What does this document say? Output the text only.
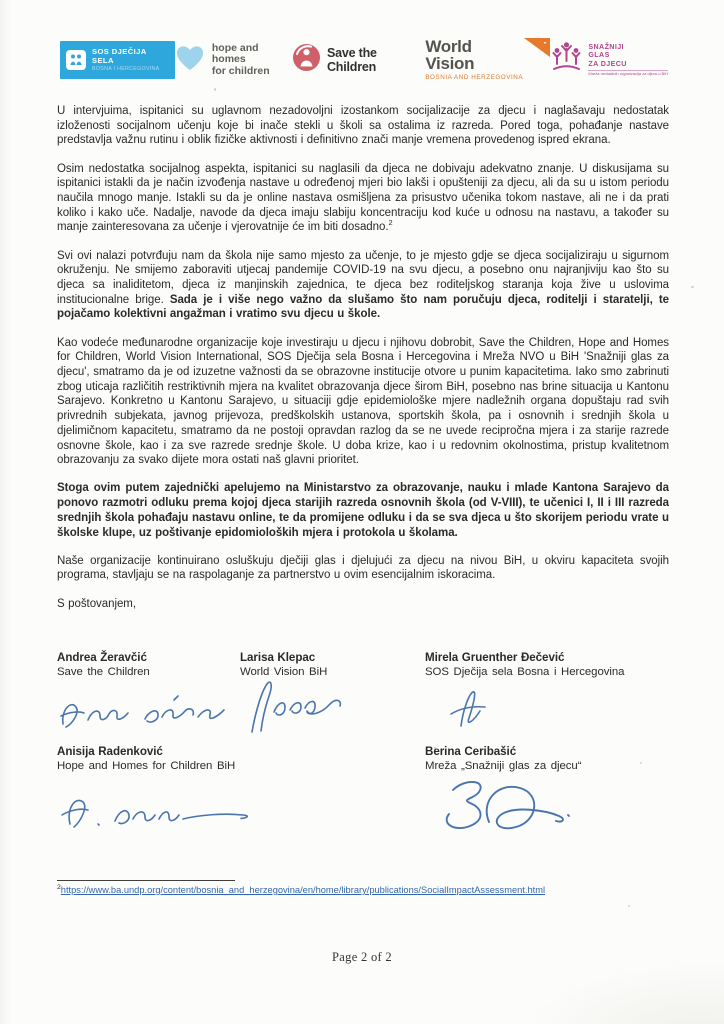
SOS DJEČIJA
SELA
BOSNA I HERCEGOVINA
hope and homes
for children
Save the Children
World Vision
BOSNIA AND HERZEGOVINA
SNAŽNIJI
GLAS
ZA DJECU
Mreža nevladinih organizacija za djecu u BiH

U intervjuima, ispitanici su uglavnom nezadovoljni izostankom socijalizacije za djecu i naglašavaju nedostatak izloženosti socijalnom učenju koje bi inače stekli u školi sa ostalima iz razreda. Pored toga, pohađanje nastave predstavlja važnu rutinu i oblik fizičke aktivnosti i definitivno znači manje vremena provedenog ispred ekrana.

Osim nedostatka socijalnog aspekta, ispitanici su naglasili da djeca ne dobivaju adekvatno znanje. U diskusijama su ispitanici istakli da je način izvođenja nastave u određenoj mjeri bio lakši i opušteniji za djecu, ali da su u istom periodu naučila mnogo manje. Istakli su da je online nastava osmišljena za prisustvo učenika tokom nastave, ali ne i da prati koliko i kako uče. Nadalje, navode da djeca imaju slabiju koncentraciju kod kuće u odnosu na nastavu, a također su manje zainteresovana za učenje i vjerovatnije će im biti dosadno.$^2$

Svi ovi nalazi potvrđuju nam da škola nije samo mjesto za učenje, to je mjesto gdje se djeca socijaliziraju u sigurnom okruženju. Ne smijemo zaboraviti utjecaj pandemije COVID-19 na svu djecu, a posebno onu najranjiviju kao što su djeca sa inaliditetom, djeca iz manjinskih zajednica, te djeca bez roditeljskog staranja koja žive u uslovima institucionalne brige. Sada je i više nego važno da slušamo što nam poručuju djeca, roditelji i staratelji, te pojačamo kolektivni angažman i vratimo svu djecu u škole.

Kao vodeće međunarodne organizacije koje investiraju u djecu i njihovu dobrobit, Save the Children, Hope and Homes for Children, World Vision International, SOS Dječija sela Bosna i Hercegovina i Mreža NVO u BiH 'Snažniji glas za djecu', smatramo da je od izuzetne važnosti da se obrazovne institucije otvore u punim kapacitetima. Iako smo zabrinuti zbog uticaja različitih restriktivnih mjera na kvalitet obrazovanja djece širom BiH, posebno nas brine situacija u Kantonu Sarajevo. Konkretno u Kantonu Sarajevo, u situaciji gdje epidemiološke mjere nadležnih organa dopuštaju rad svih privrednih subjekata, javnog prijevoza, predškolskih ustanova, sportskih škola, pa i osnovnih i srednjih škola u djelimičnom kapacitetu, smatramo da ne postoji opravdan razlog da se ne uvede recipročna mjera i za starije razrede osnovne škole, kao i za sve razrede srednje škole. U doba krize, kao i u redovnim okolnostima, pristup kvalitetnom obrazovanju za svako dijete mora ostati naš glavni prioritet.

Stoga ovim putem zajednički apelujemo na Ministarstvo za obrazovanje, nauku i mlade Kantona Sarajevo da ponovo razmotri odluku prema kojoj djeca starijih razreda osnovnih škola (od V-VIII), te učenici I, II i III razreda srednjih škola pohađaju nastavu online, te da promijene odluku i da se sva djeca u što skorijem periodu vrate u školske klupe, uz poštivanje epidomioloških mjera i protokola u školama.

Naše organizacije kontinuirano osluškuju dječiji glas i djelujući za djecu na nivou BiH, u okviru kapaciteta svojih programa, stavljaju se na raspolaganje za partnerstvo u ovim esencijalnim iskoracima.

S poštovanjem,

Andrea Žeravčić
Save the Children
Larisa Klepac
World Vision BiH
Mirela Gruenther Đečević
SOS Dječija sela Bosna i Hercegovina
Anisija Radenković
Hope and Homes for Children BiH
Berina Ceribašić
Mreža „Snažniji glas za djecu“
$^2$https://www.ba.undp.org/content/bosnia_and_herzegovina/en/home/library/publications/SocialImpactAssessment.html
Page 2 of 2
